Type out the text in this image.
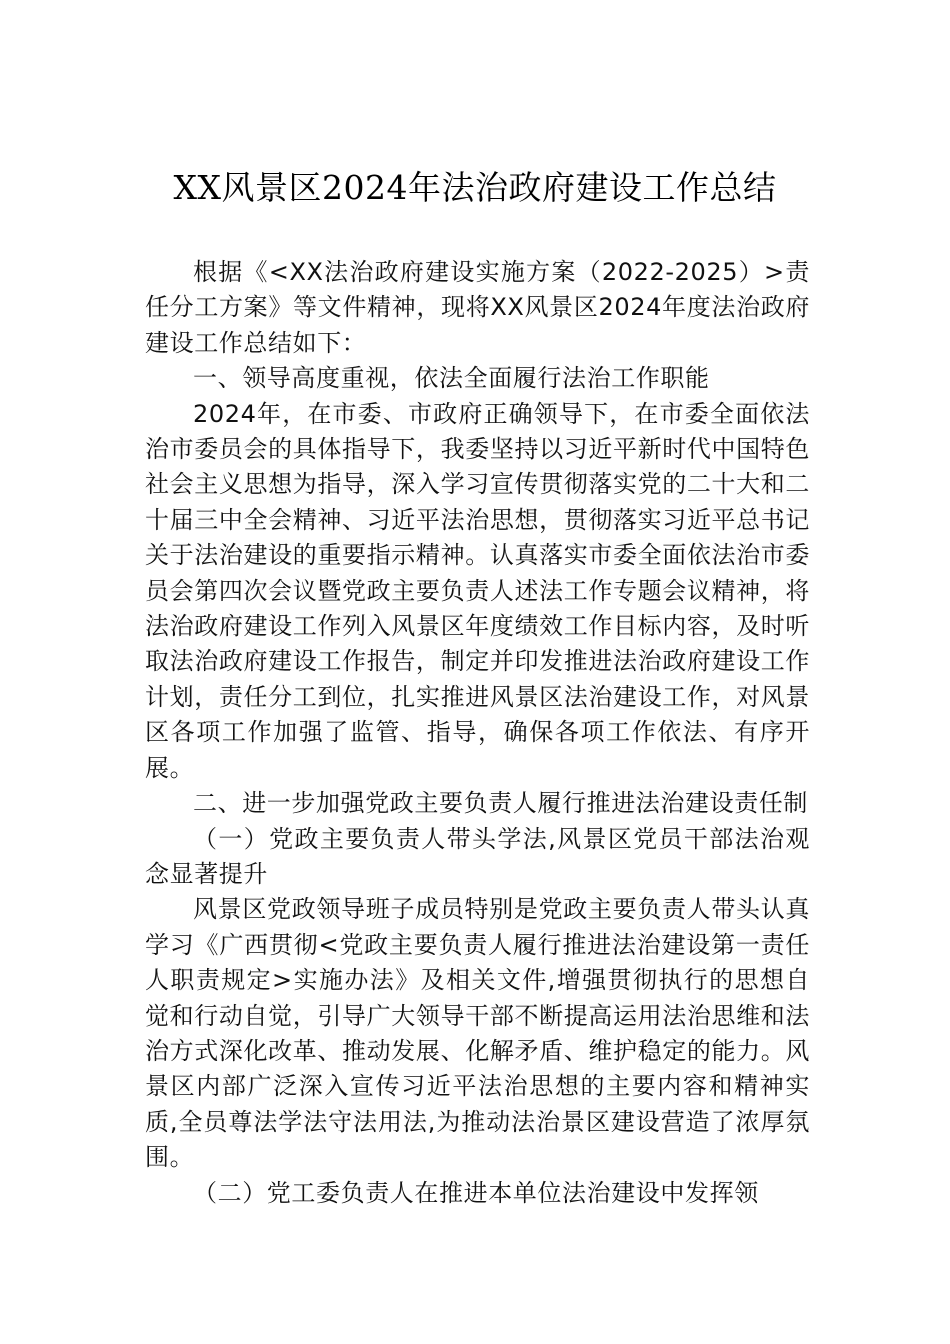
XX风景区2024年法治政府建设工作总结

根据《<XX法治政府建设实施方案（2022-2025）>责任分工方案》等文件精神，现将XX风景区2024年度法治政府建设工作总结如下：

一、领导高度重视，依法全面履行法治工作职能

2024年，在市委、市政府正确领导下，在市委全面依法治市委员会的具体指导下，我委坚持以习近平新时代中国特色社会主义思想为指导，深入学习宣传贯彻落实党的二十大和二十届三中全会精神、习近平法治思想，贯彻落实习近平总书记关于法治建设的重要指示精神。认真落实市委全面依法治市委员会第四次会议暨党政主要负责人述法工作专题会议精神，将法治政府建设工作列入风景区年度绩效工作目标内容，及时听取法治政府建设工作报告，制定并印发推进法治政府建设工作计划，责任分工到位，扎实推进风景区法治建设工作，对风景区各项工作加强了监管、指导，确保各项工作依法、有序开展。

二、进一步加强党政主要负责人履行推进法治建设责任制

（一）党政主要负责人带头学法,风景区党员干部法治观念显著提升

风景区党政领导班子成员特别是党政主要负责人带头认真学习《广西贯彻<党政主要负责人履行推进法治建设第一责任人职责规定>实施办法》及相关文件,增强贯彻执行的思想自觉和行动自觉，引导广大领导干部不断提高运用法治思维和法治方式深化改革、推动发展、化解矛盾、维护稳定的能力。风景区内部广泛深入宣传习近平法治思想的主要内容和精神实质,全员尊法学法守法用法,为推动法治景区建设营造了浓厚氛围。

（二）党工委负责人在推进本单位法治建设中发挥领
